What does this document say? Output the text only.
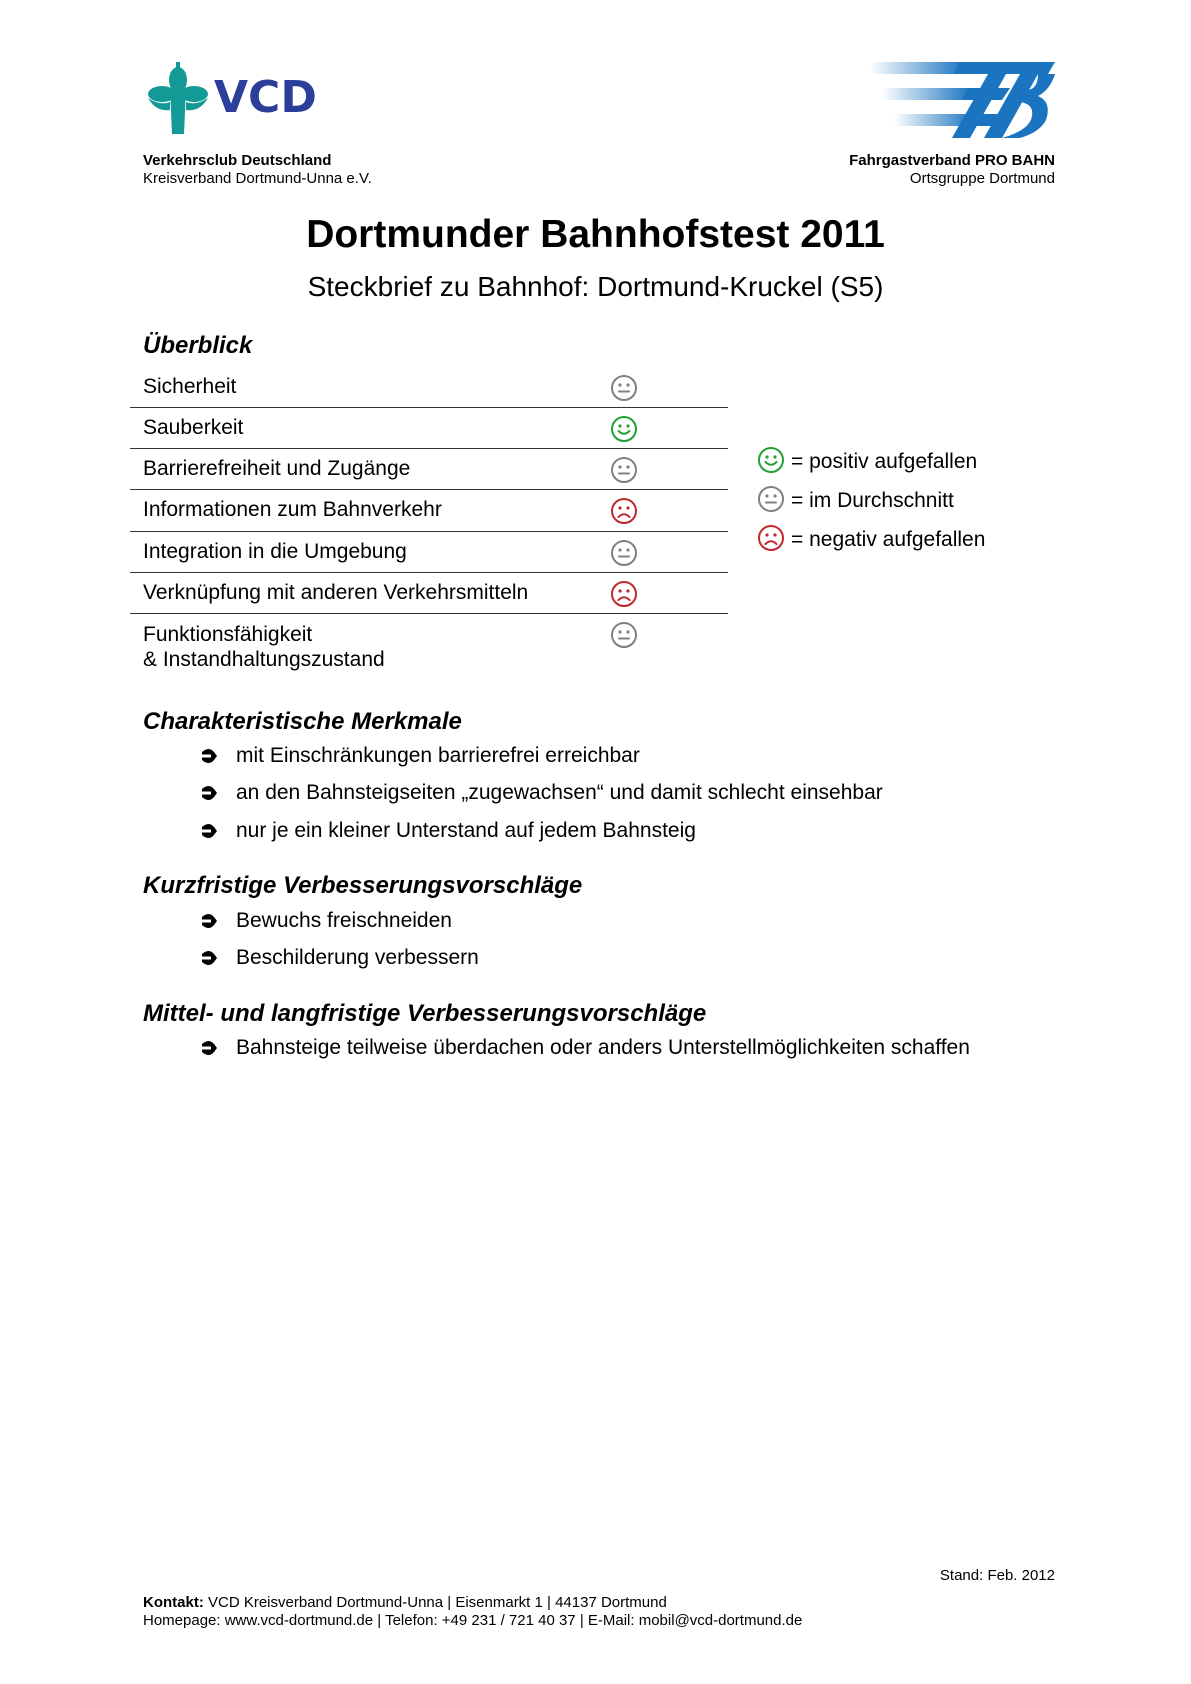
VCD
Verkehrsclub Deutschland
Kreisverband Dortmund-Unna e.V.
Fahrgastverband PRO BAHN
Ortsgruppe Dortmund
Dortmunder Bahnhofstest 2011
Steckbrief zu Bahnhof: Dortmund-Kruckel (S5)
Überblick
Sicherheit
Sauberkeit
Barrierefreiheit und Zugänge
Informationen zum Bahnverkehr
Integration in die Umgebung
Verknüpfung mit anderen Verkehrsmitteln
Funktionsfähigkeit
& Instandhaltungszustand
= positiv aufgefallen
= im Durchschnitt
= negativ aufgefallen
Charakteristische Merkmale
mit Einschränkungen barrierefrei erreichbar
an den Bahnsteigseiten „zugewachsen“ und damit schlecht einsehbar
nur je ein kleiner Unterstand auf jedem Bahnsteig
Kurzfristige Verbesserungsvorschläge
Bewuchs freischneiden
Beschilderung verbessern
Mittel- und langfristige Verbesserungsvorschläge
Bahnsteige teilweise überdachen oder anders Unterstellmöglichkeiten schaffen
Stand: Feb. 2012
Kontakt: VCD Kreisverband Dortmund-Unna | Eisenmarkt 1 | 44137 Dortmund
Homepage: www.vcd-dortmund.de | Telefon: +49 231 / 721 40 37 | E-Mail: mobil@vcd-dortmund.de
